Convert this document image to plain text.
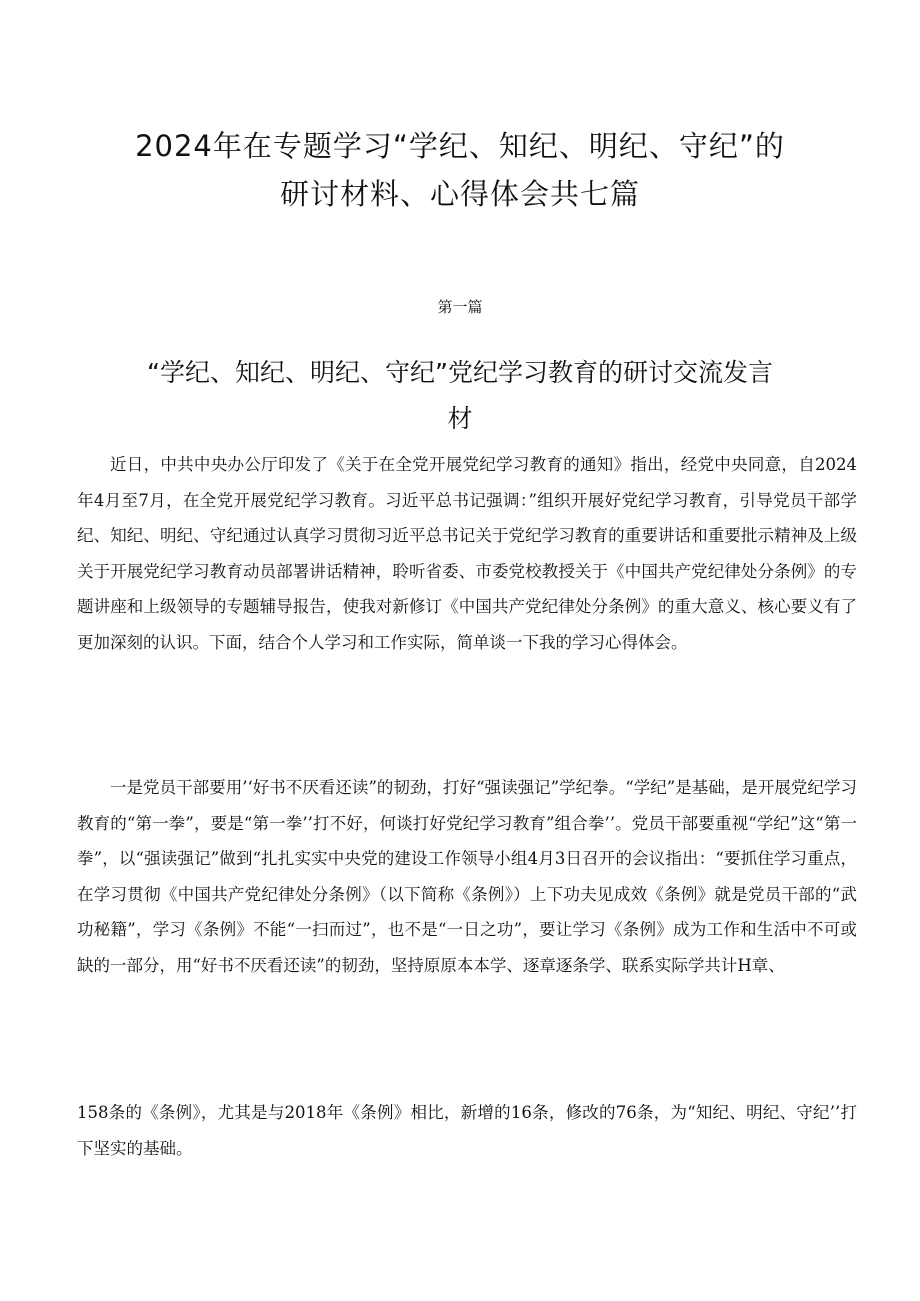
2024年在专题学习“学纪、知纪、明纪、守纪”的
研讨材料、心得体会共七篇
第一篇
“学纪、知纪、明纪、守纪”党纪学习教育的研讨交流发言
材

近日，中共中央办公厅印发了《关于在全党开展党纪学习教育的通知》指出，经党中央同意，自2024年4月至7月，在全党开展党纪学习教育。习近平总书记强调：”组织开展好党纪学习教育，引导党员干部学纪、知纪、明纪、守纪通过认真学习贯彻习近平总书记关于党纪学习教育的重要讲话和重要批示精神及上级关于开展党纪学习教育动员部署讲话精神，聆听省委、市委党校教授关于《中国共产党纪律处分条例》的专题讲座和上级领导的专题辅导报告，使我对新修订《中国共产党纪律处分条例》的重大意义、核心要义有了更加深刻的认识。下面，结合个人学习和工作实际，简单谈一下我的学习心得体会。

一是党员干部要用’‘好书不厌看还读”的韧劲，打好“强读强记”学纪拳。“学纪”是基础，是开展党纪学习教育的“第一拳”，要是“第一拳’’打不好，何谈打好党纪学习教育”组合拳’’。党员干部要重视“学纪”这“第一拳”，以“强读强记”做到“扎扎实实中央党的建设工作领导小组4月3日召开的会议指出：“要抓住学习重点，在学习贯彻《中国共产党纪律处分条例》（以下简称《条例》）上下功夫见成效《条例》就是党员干部的“武功秘籍”，学习《条例》不能“一扫而过”，也不是“一日之功”，要让学习《条例》成为工作和生活中不可或缺的一部分，用“好书不厌看还读”的韧劲，坚持原原本本学、逐章逐条学、联系实际学共计H章、

158条的《条例》，尤其是与2018年《条例》相比，新增的16条，修改的76条，为“知纪、明纪、守纪’’打下坚实的基础。
